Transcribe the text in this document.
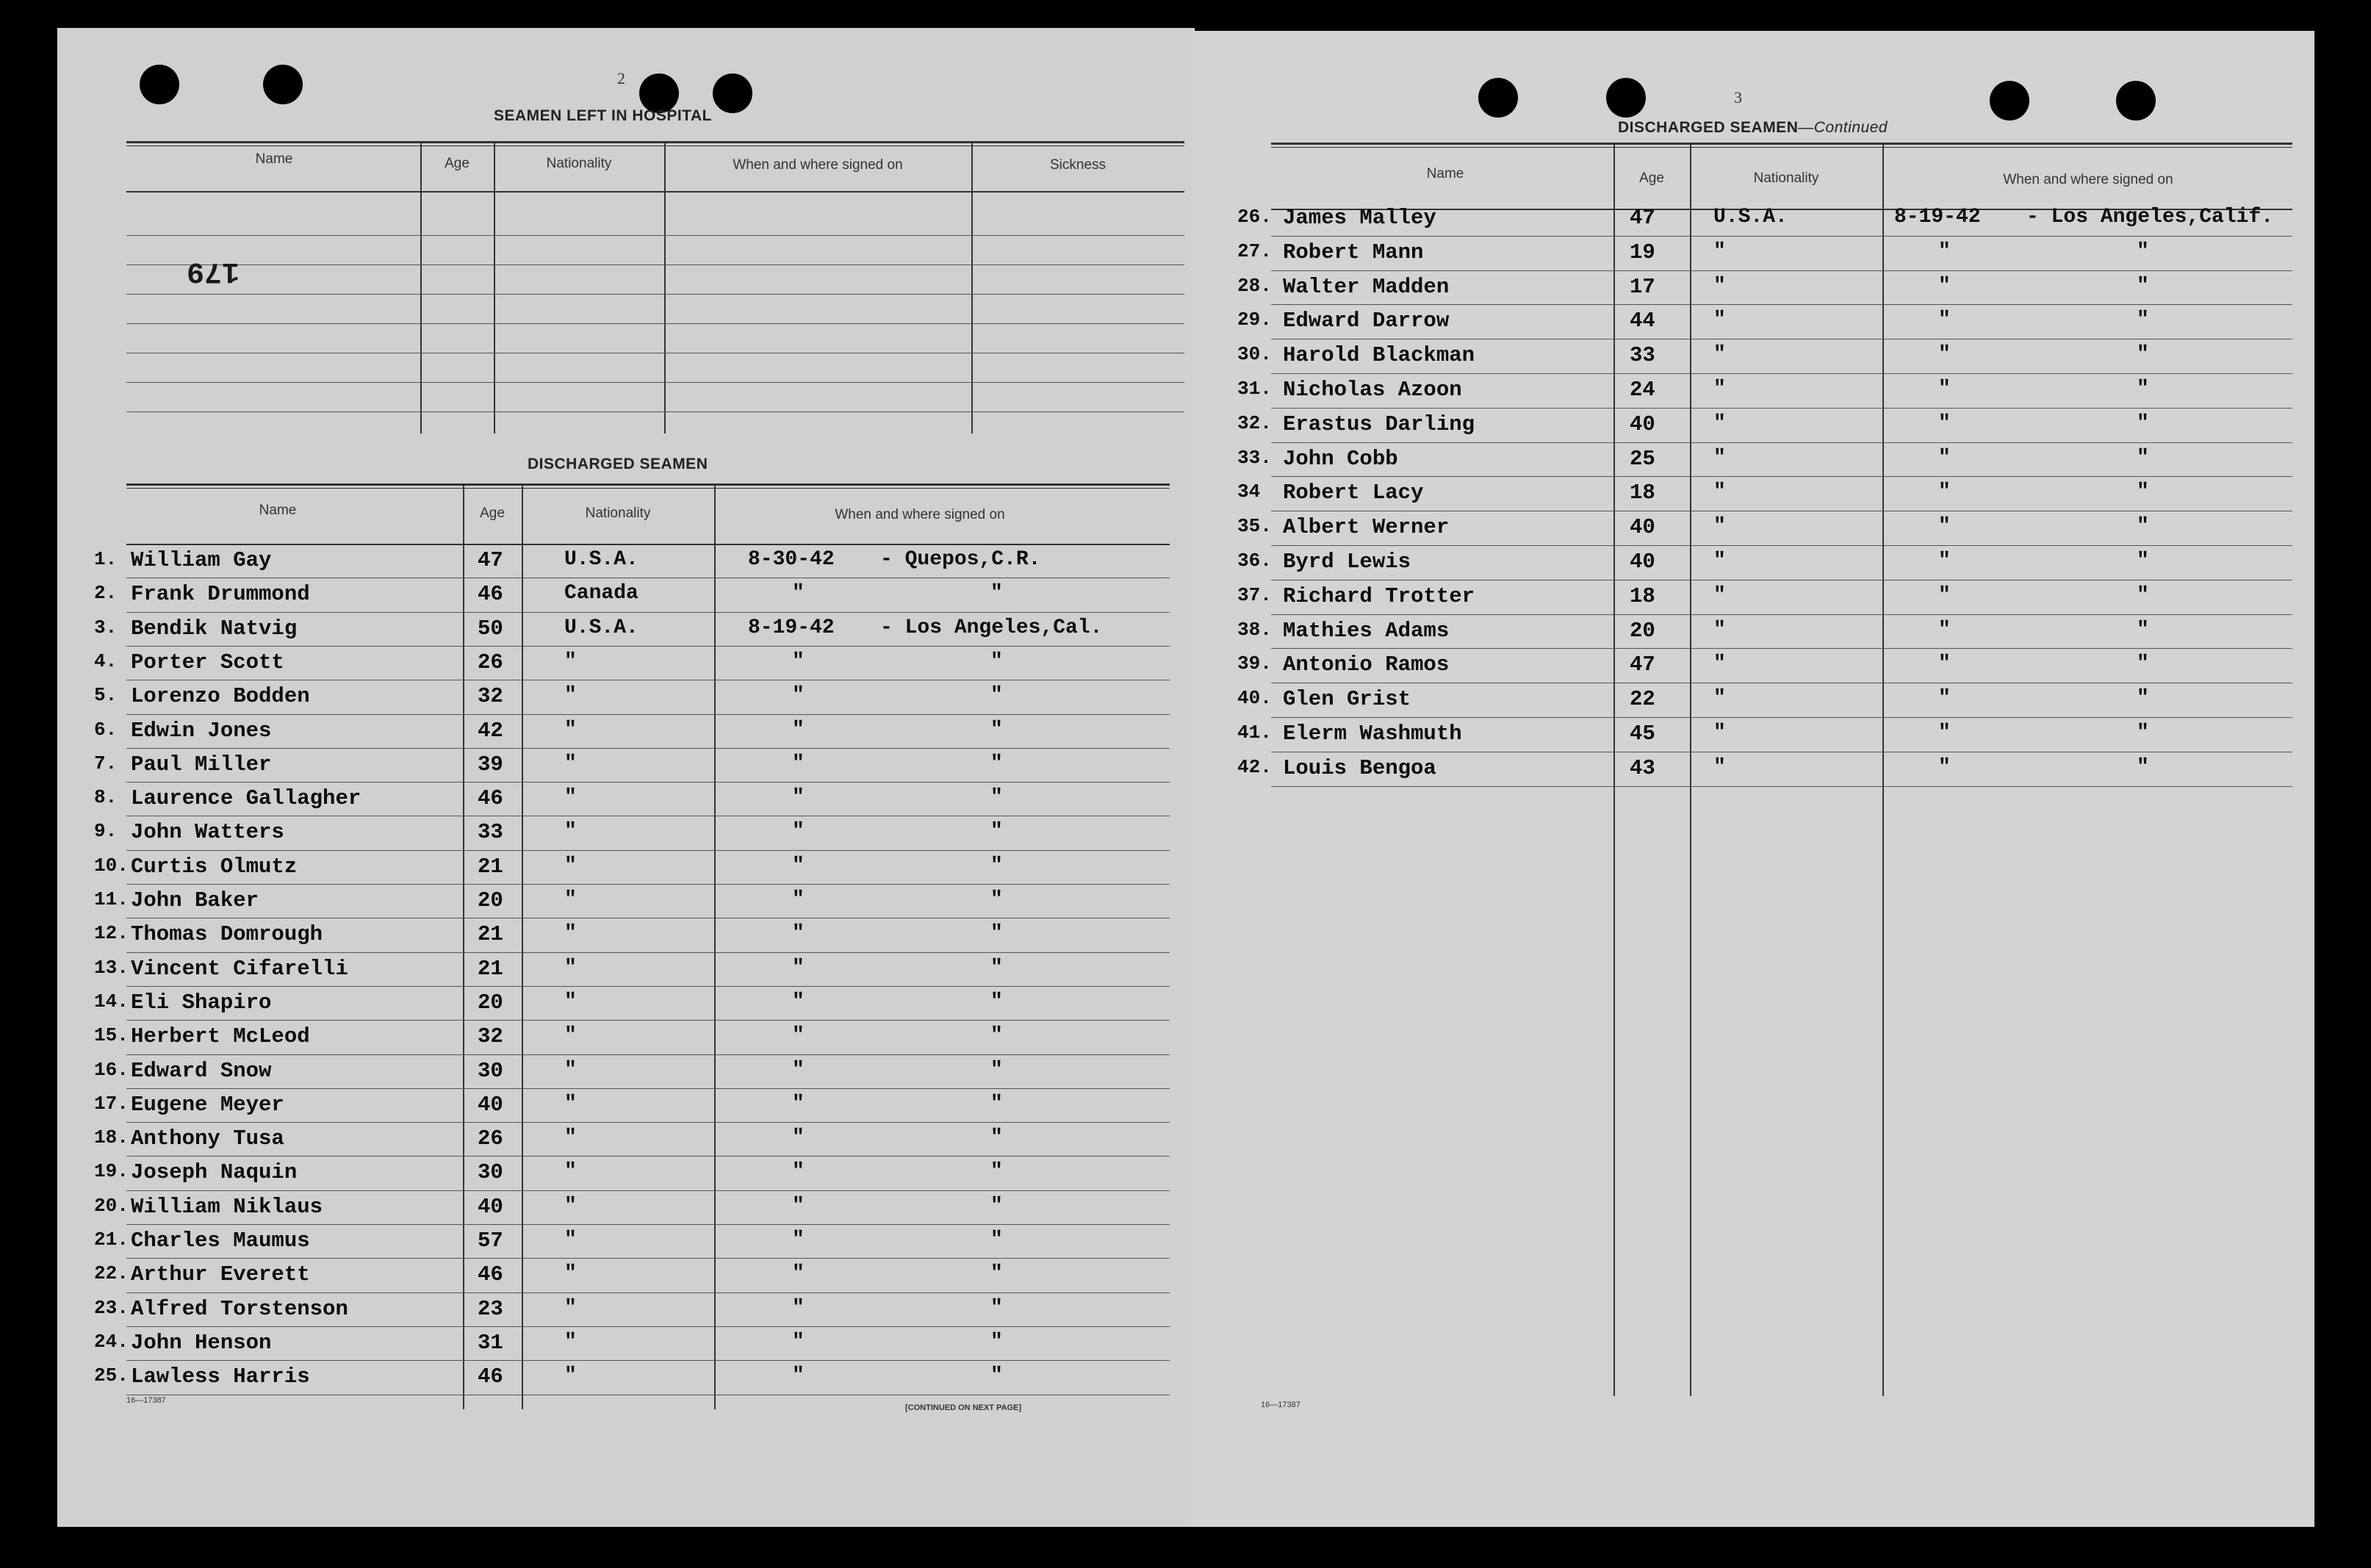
2
SEAMEN LEFT IN HOSPITAL
Name	Age	Nationality	When and where signed on	Sickness
179
DISCHARGED SEAMEN
Name	Age	Nationality	When and where signed on
1. William Gay	47	U.S.A.	8-30-42 - Quepos,C.R.
2. Frank Drummond	46	Canada	"	"
3. Bendik Natvig	50	U.S.A.	8-19-42 - Los Angeles,Cal.
4. Porter Scott	26	"	"	"
5. Lorenzo Bodden	32	"	"	"
6. Edwin Jones	42	"	"	"
7. Paul Miller	39	"	"	"
8. Laurence Gallagher	46	"	"	"
9. John Watters	33	"	"	"
10. Curtis Olmutz	21	"	"	"
11. John Baker	20	"	"	"
12. Thomas Domrough	21	"	"	"
13. Vincent Cifarelli	21	"	"	"
14. Eli Shapiro	20	"	"	"
15. Herbert McLeod	32	"	"	"
16. Edward Snow	30	"	"	"
17. Eugene Meyer	40	"	"	"
18. Anthony Tusa	26	"	"	"
19. Joseph Naquin	30	"	"	"
20. William Niklaus	40	"	"	"
21. Charles Maumus	57	"	"	"
22. Arthur Everett	46	"	"	"
23. Alfred Torstenson	23	"	"	"
24. John Henson	31	"	"	"
25. Lawless Harris	46	"	"	"
16—17387
[CONTINUED ON NEXT PAGE]
3
DISCHARGED SEAMEN—Continued
Name	Age	Nationality	When and where signed on
26. James Malley	47	U.S.A.	8-19-42 - Los Angeles,Calif.
27. Robert Mann	19	"	"	"
28. Walter Madden	17	"	"	"
29. Edward Darrow	44	"	"	"
30. Harold Blackman	33	"	"	"
31. Nicholas Azoon	24	"	"	"
32. Erastus Darling	40	"	"	"
33. John Cobb	25	"	"	"
34 Robert Lacy	18	"	"	"
35. Albert Werner	40	"	"	"
36. Byrd Lewis	40	"	"	"
37. Richard Trotter	18	"	"	"
38. Mathies Adams	20	"	"	"
39. Antonio Ramos	47	"	"	"
40. Glen Grist	22	"	"	"
41. Elerm Washmuth	45	"	"	"
42. Louis Bengoa	43	"	"	"
16—17387
